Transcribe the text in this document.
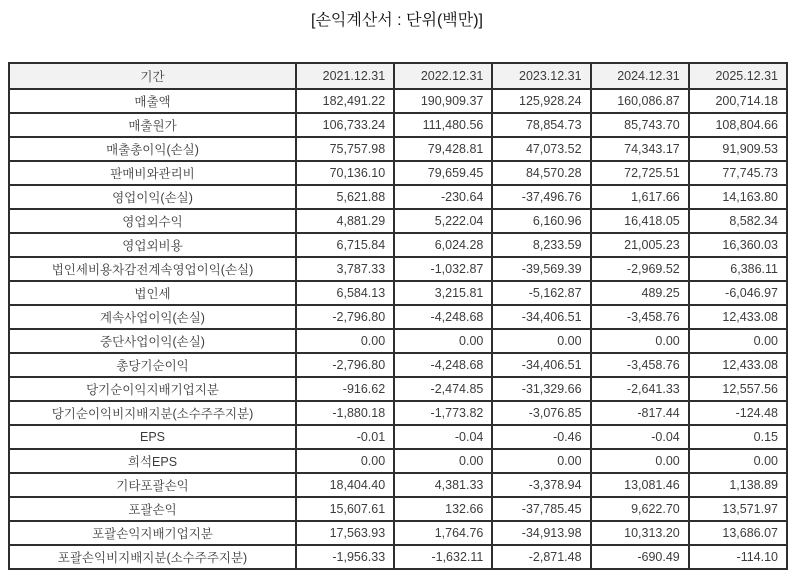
[손익계산서 : 단위(백만)]
기간	2021.12.31	2022.12.31	2023.12.31	2024.12.31	2025.12.31
매출액	182,491.22	190,909.37	125,928.24	160,086.87	200,714.18
매출원가	106,733.24	111,480.56	78,854.73	85,743.70	108,804.66
매출총이익(손실)	75,757.98	79,428.81	47,073.52	74,343.17	91,909.53
판매비와관리비	70,136.10	79,659.45	84,570.28	72,725.51	77,745.73
영업이익(손실)	5,621.88	-230.64	-37,496.76	1,617.66	14,163.80
영업외수익	4,881.29	5,222.04	6,160.96	16,418.05	8,582.34
영업외비용	6,715.84	6,024.28	8,233.59	21,005.23	16,360.03
법인세비용차감전계속영업이익(손실)	3,787.33	-1,032.87	-39,569.39	-2,969.52	6,386.11
법인세	6,584.13	3,215.81	-5,162.87	489.25	-6,046.97
계속사업이익(손실)	-2,796.80	-4,248.68	-34,406.51	-3,458.76	12,433.08
중단사업이익(손실)	0.00	0.00	0.00	0.00	0.00
총당기순이익	-2,796.80	-4,248.68	-34,406.51	-3,458.76	12,433.08
당기순이익지배기업지분	-916.62	-2,474.85	-31,329.66	-2,641.33	12,557.56
당기순이익비지배지분(소수주주지분)	-1,880.18	-1,773.82	-3,076.85	-817.44	-124.48
EPS	-0.01	-0.04	-0.46	-0.04	0.15
희석EPS	0.00	0.00	0.00	0.00	0.00
기타포괄손익	18,404.40	4,381.33	-3,378.94	13,081.46	1,138.89
포괄손익	15,607.61	132.66	-37,785.45	9,622.70	13,571.97
포괄손익지배기업지분	17,563.93	1,764.76	-34,913.98	10,313.20	13,686.07
포괄손익비지배지분(소수주주지분)	-1,956.33	-1,632.11	-2,871.48	-690.49	-114.10
